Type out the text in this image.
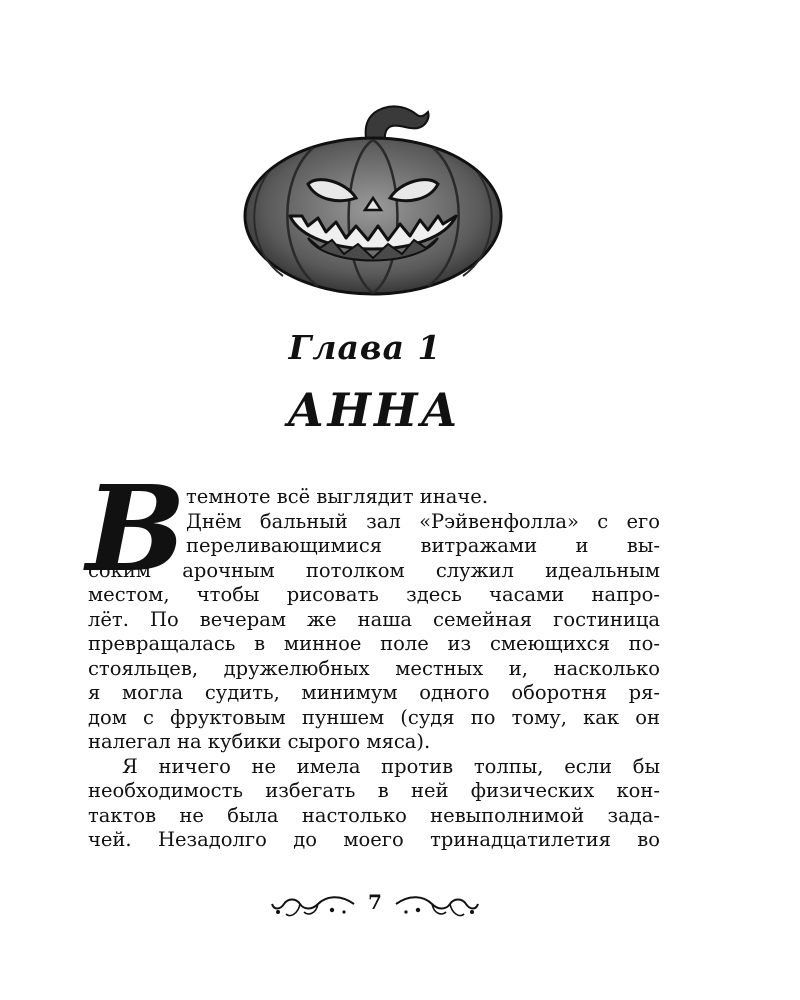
Глава 1
АННА
В темноте всё выглядит иначе.
Днём бальный зал «Рэйвенфолла» с его
переливающимися витражами и вы-
соким арочным потолком служил идеальным
местом, чтобы рисовать здесь часами напро-
лёт. По вечерам же наша семейная гостиница
превращалась в минное поле из смеющихся по-
стояльцев, дружелюбных местных и, насколько
я могла судить, минимум одного оборотня ря-
дом с фруктовым пуншем (судя по тому, как он
налегал на кубики сырого мяса).
Я ничего не имела против толпы, если бы
необходимость избегать в ней физических кон-
тактов не была настолько невыполнимой зада-
чей. Незадолго до моего тринадцатилетия во
7
